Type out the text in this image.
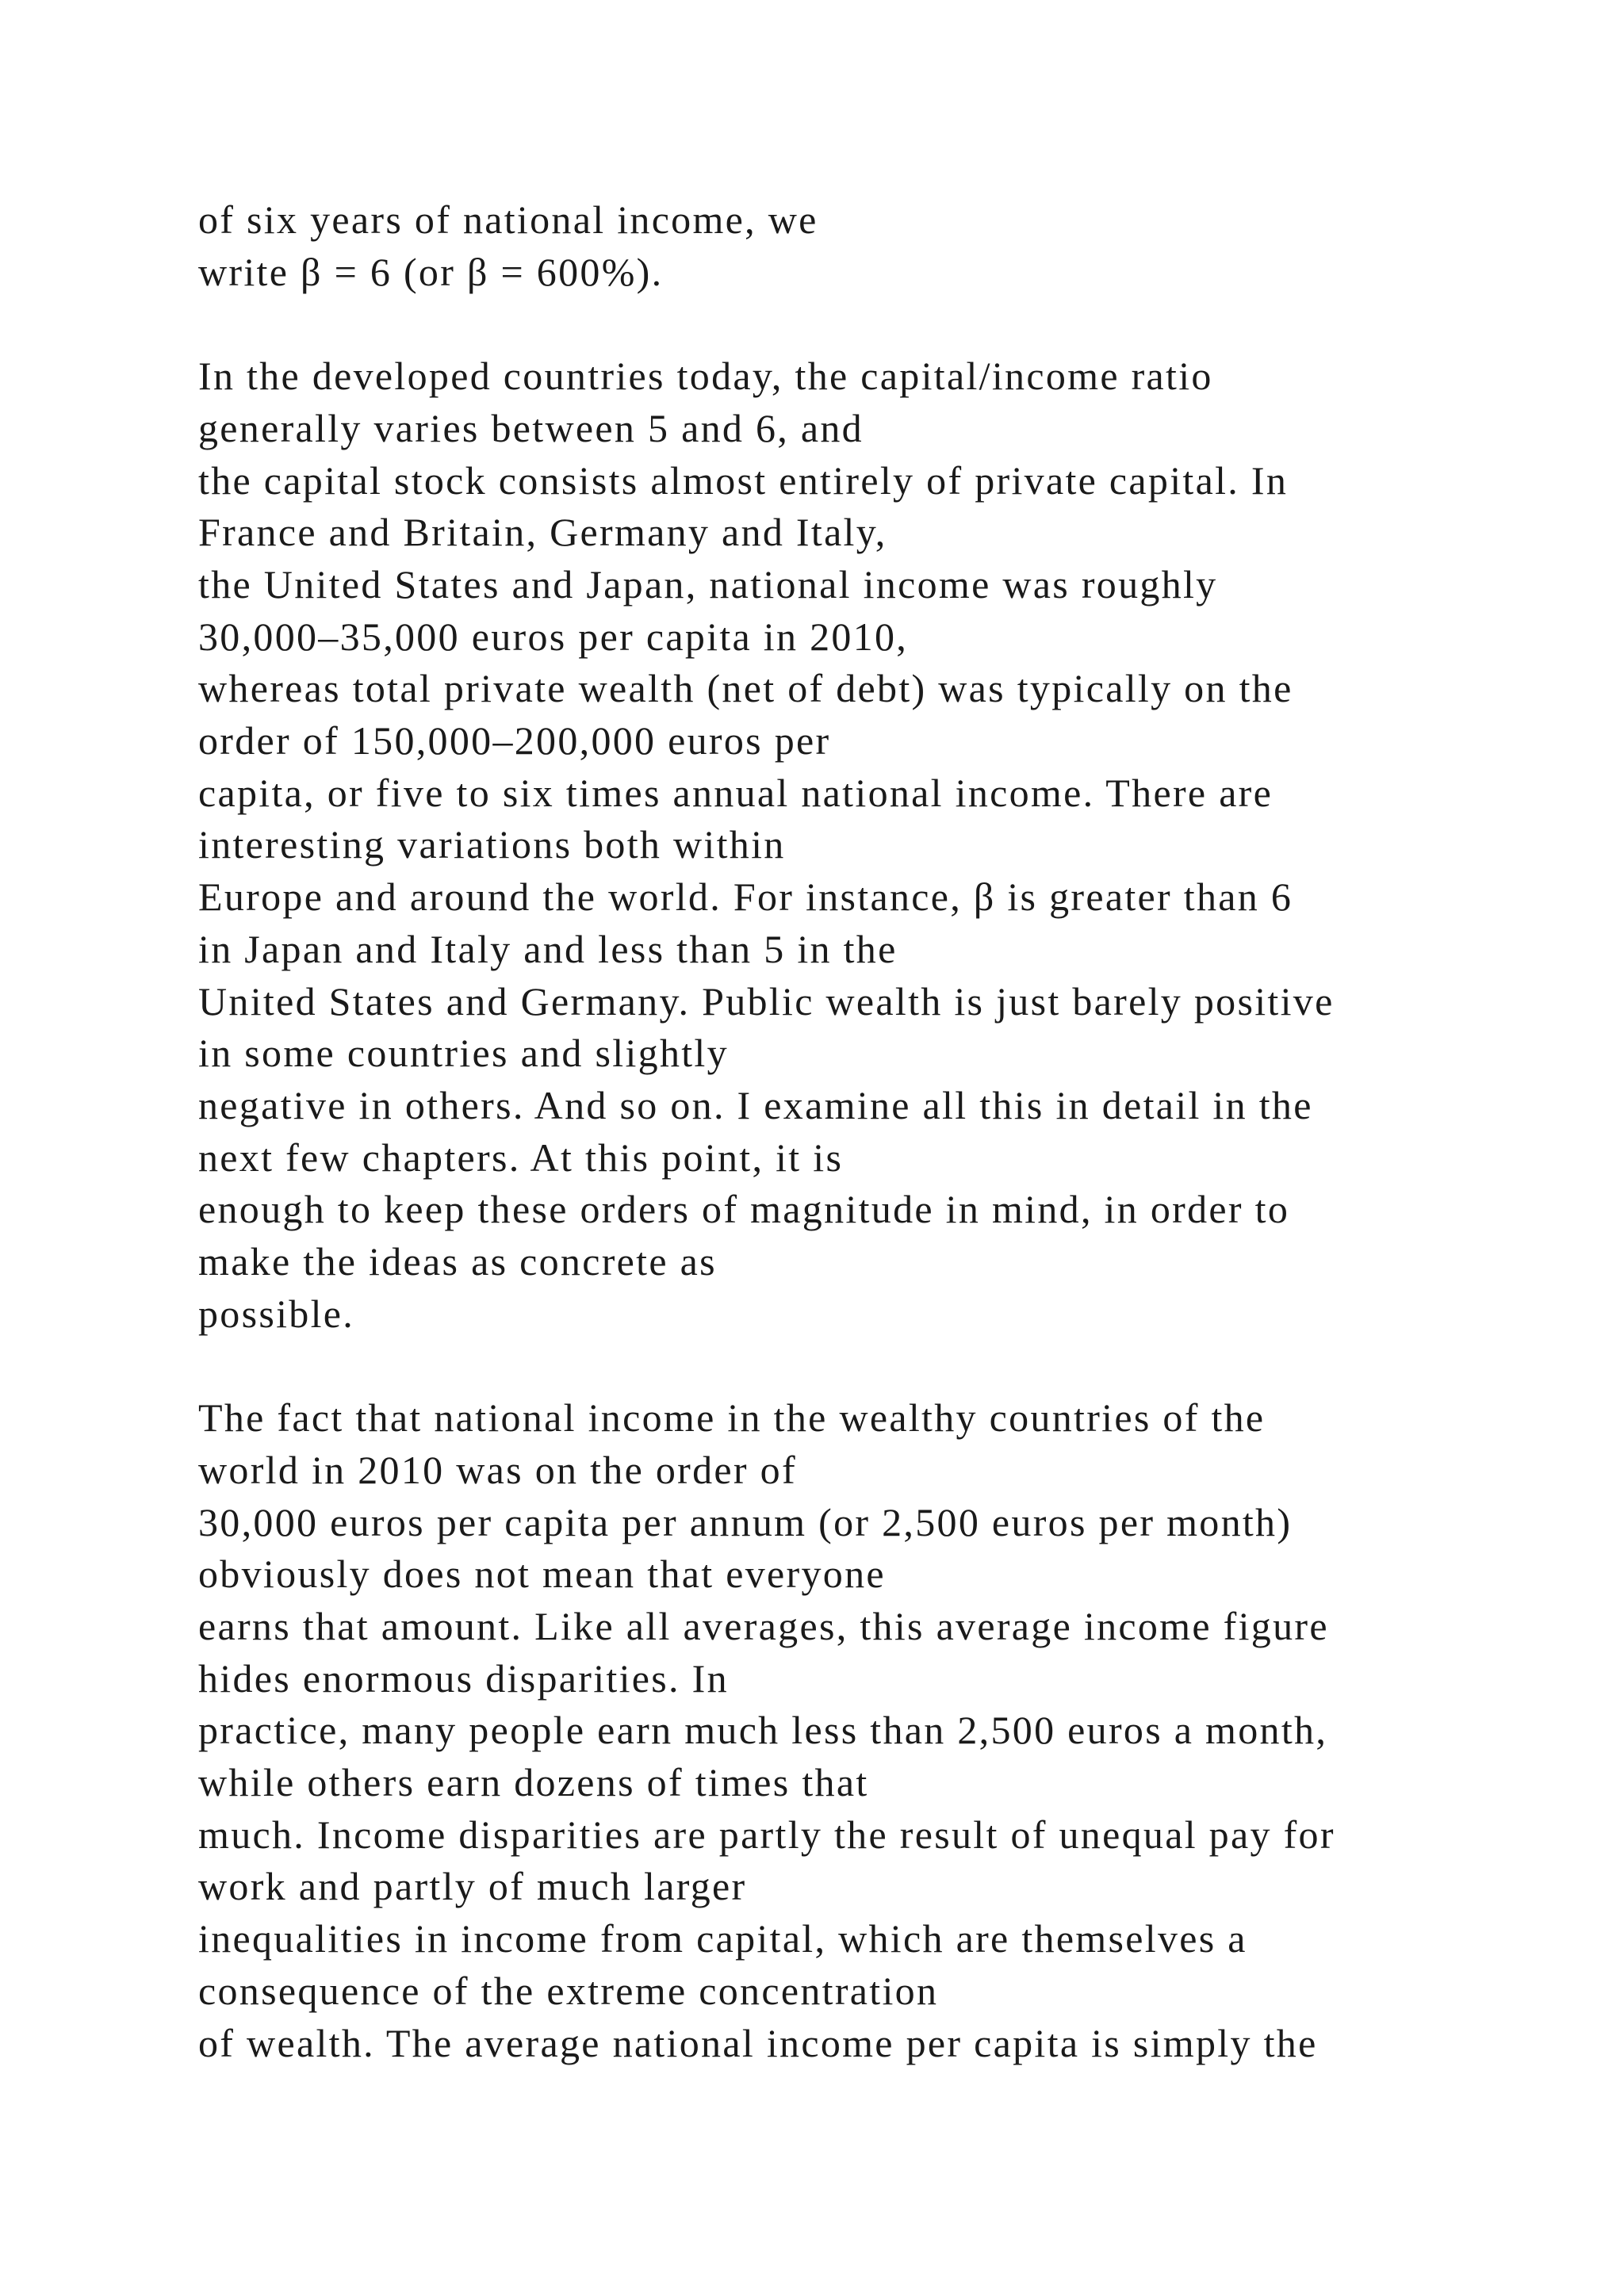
of six years of national income, we
write β = 6 (or β = 600%).

In the developed countries today, the capital/income ratio
generally varies between 5 and 6, and
the capital stock consists almost entirely of private capital. In
France and Britain, Germany and Italy,
the United States and Japan, national income was roughly
30,000–35,000 euros per capita in 2010,
whereas total private wealth (net of debt) was typically on the
order of 150,000–200,000 euros per
capita, or five to six times annual national income. There are
interesting variations both within
Europe and around the world. For instance, β is greater than 6
in Japan and Italy and less than 5 in the
United States and Germany. Public wealth is just barely positive
in some countries and slightly
negative in others. And so on. I examine all this in detail in the
next few chapters. At this point, it is
enough to keep these orders of magnitude in mind, in order to
make the ideas as concrete as
possible.

The fact that national income in the wealthy countries of the
world in 2010 was on the order of
30,000 euros per capita per annum (or 2,500 euros per month)
obviously does not mean that everyone
earns that amount. Like all averages, this average income figure
hides enormous disparities. In
practice, many people earn much less than 2,500 euros a month,
while others earn dozens of times that
much. Income disparities are partly the result of unequal pay for
work and partly of much larger
inequalities in income from capital, which are themselves a
consequence of the extreme concentration
of wealth. The average national income per capita is simply the
